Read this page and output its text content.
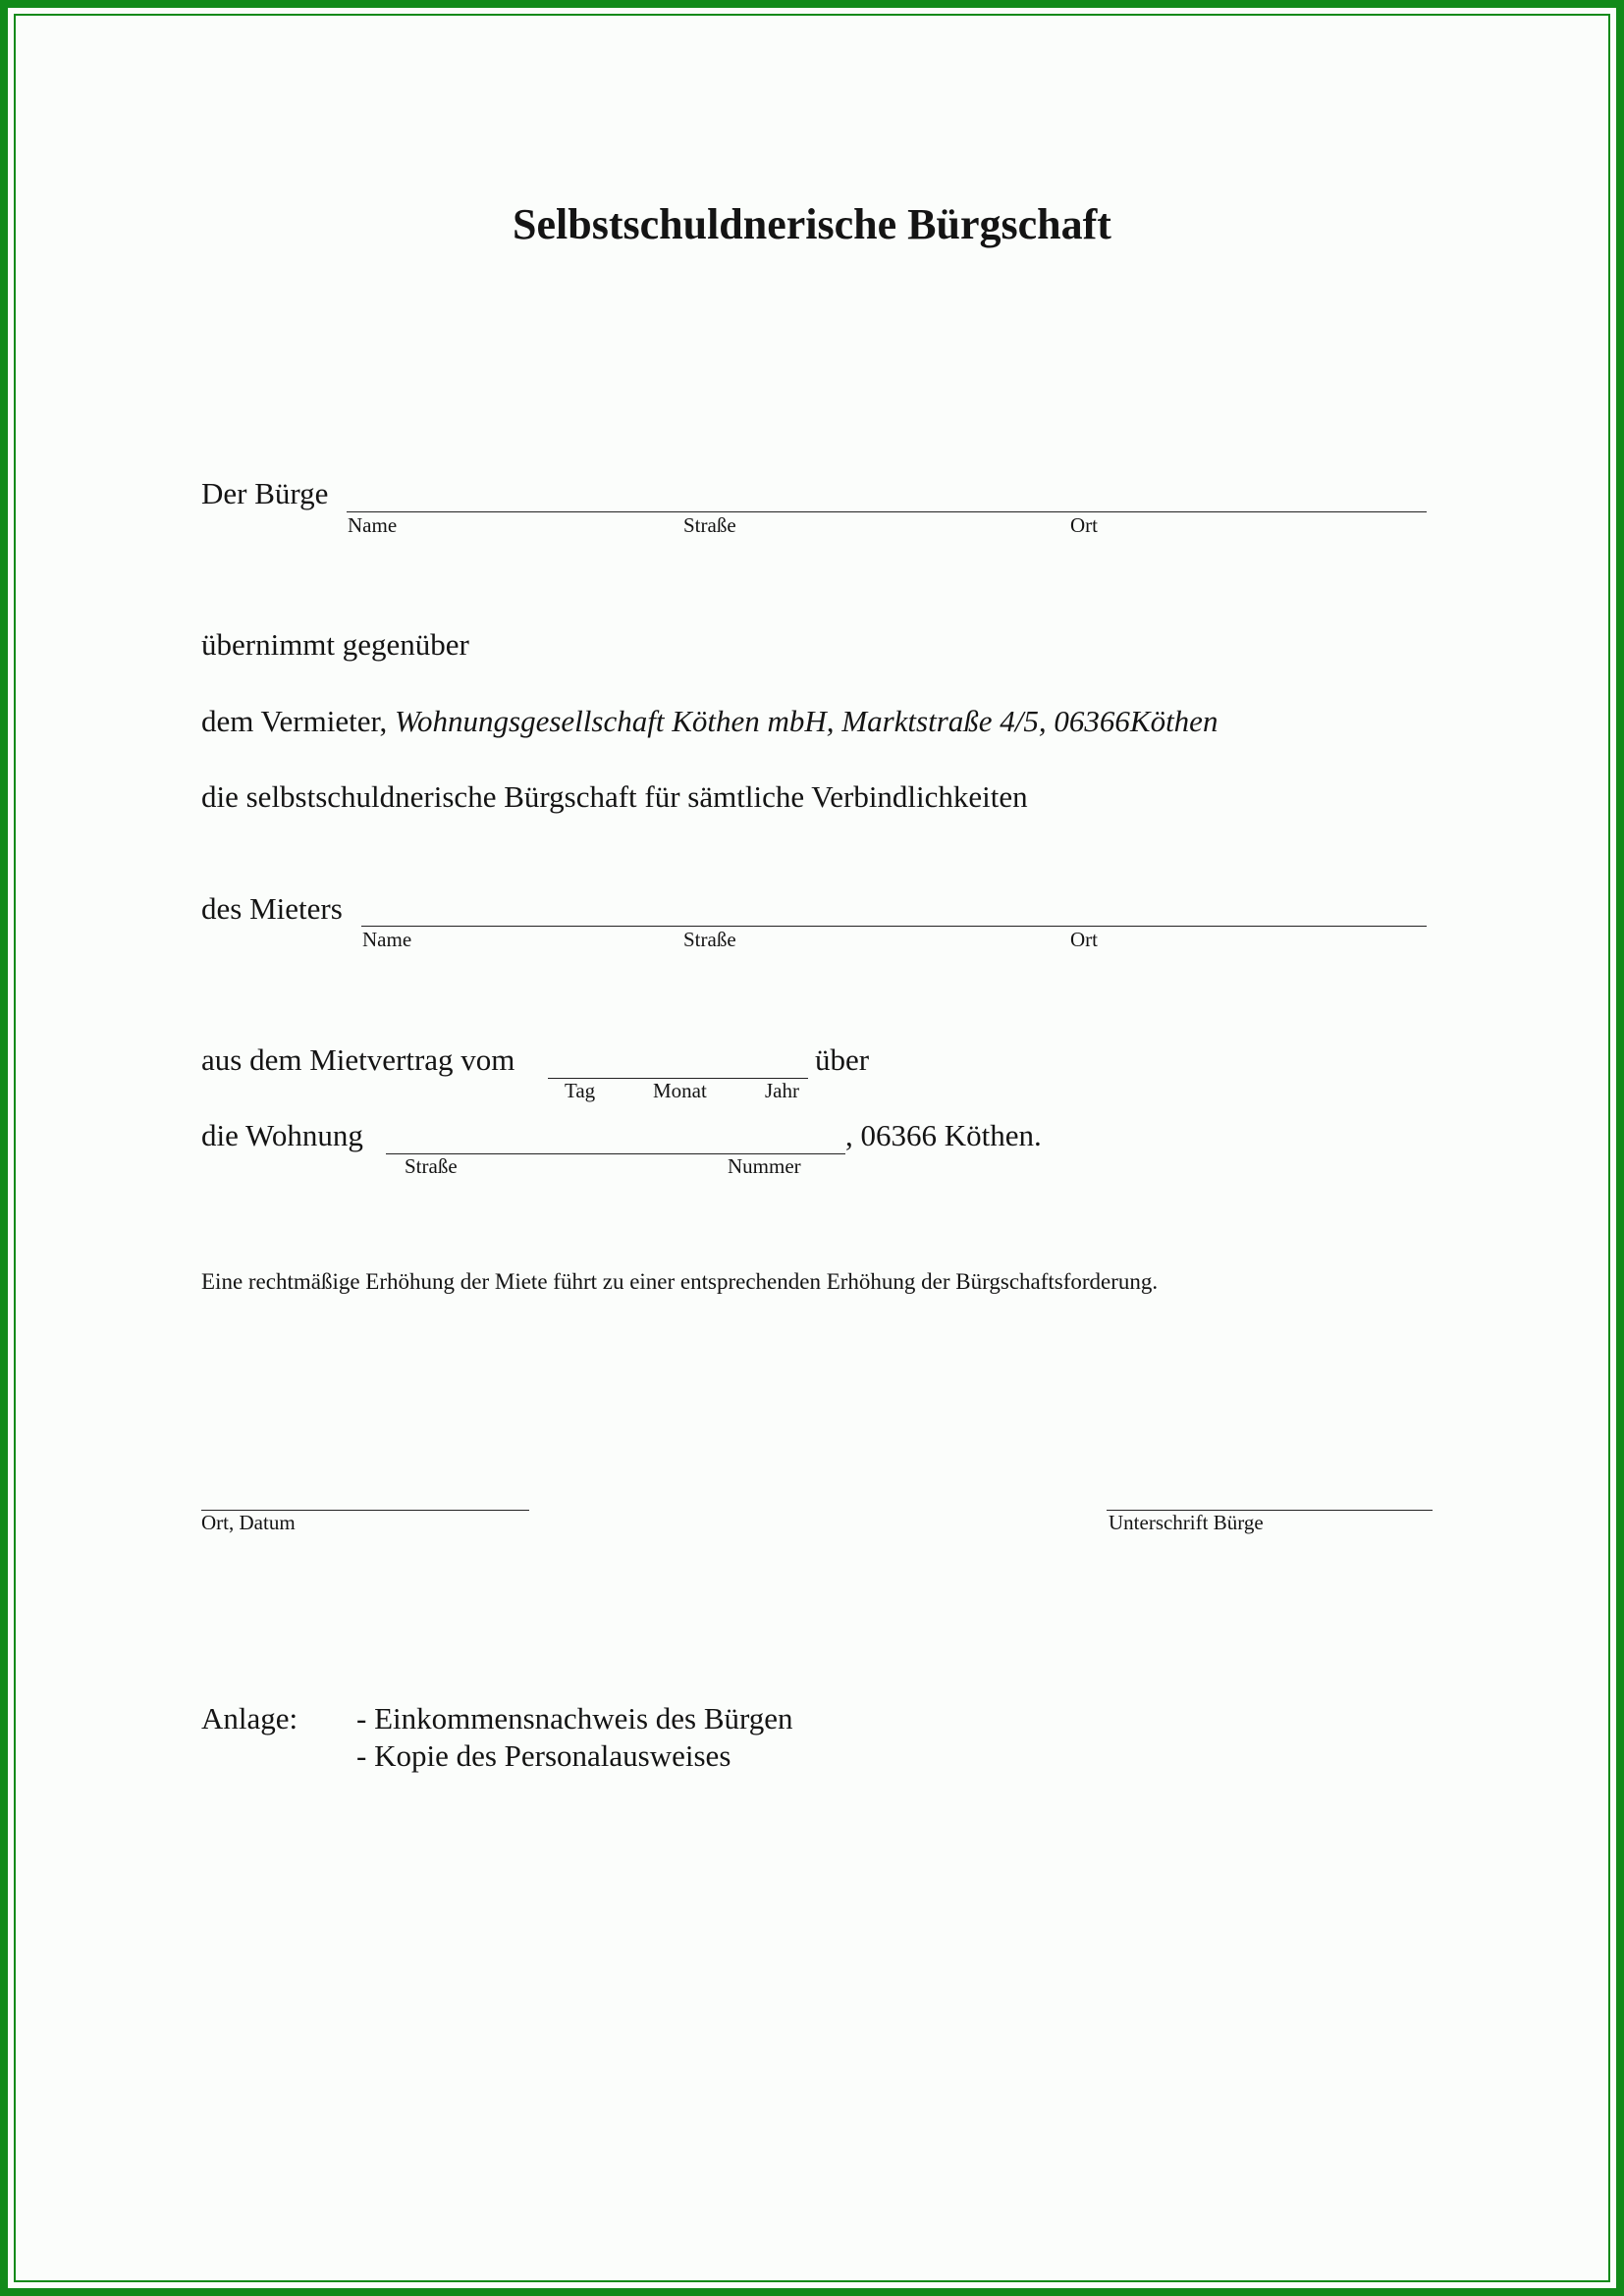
Selbstschuldnerische Bürgschaft
Der Bürge
Name	Straße	Ort
übernimmt gegenüber
dem Vermieter, Wohnungsgesellschaft Köthen mbH, Marktstraße 4/5, 06366Köthen
die selbstschuldnerische Bürgschaft für sämtliche Verbindlichkeiten
des Mieters
Name	Straße	Ort
aus dem Mietvertrag vom	über
Tag	Monat	Jahr
die Wohnung	, 06366 Köthen.
Straße	Nummer
Eine rechtmäßige Erhöhung der Miete führt zu einer entsprechenden Erhöhung der Bürgschaftsforderung.
Ort, Datum	Unterschrift Bürge
Anlage: - Einkommensnachweis des Bürgen
- Kopie des Personalausweises
